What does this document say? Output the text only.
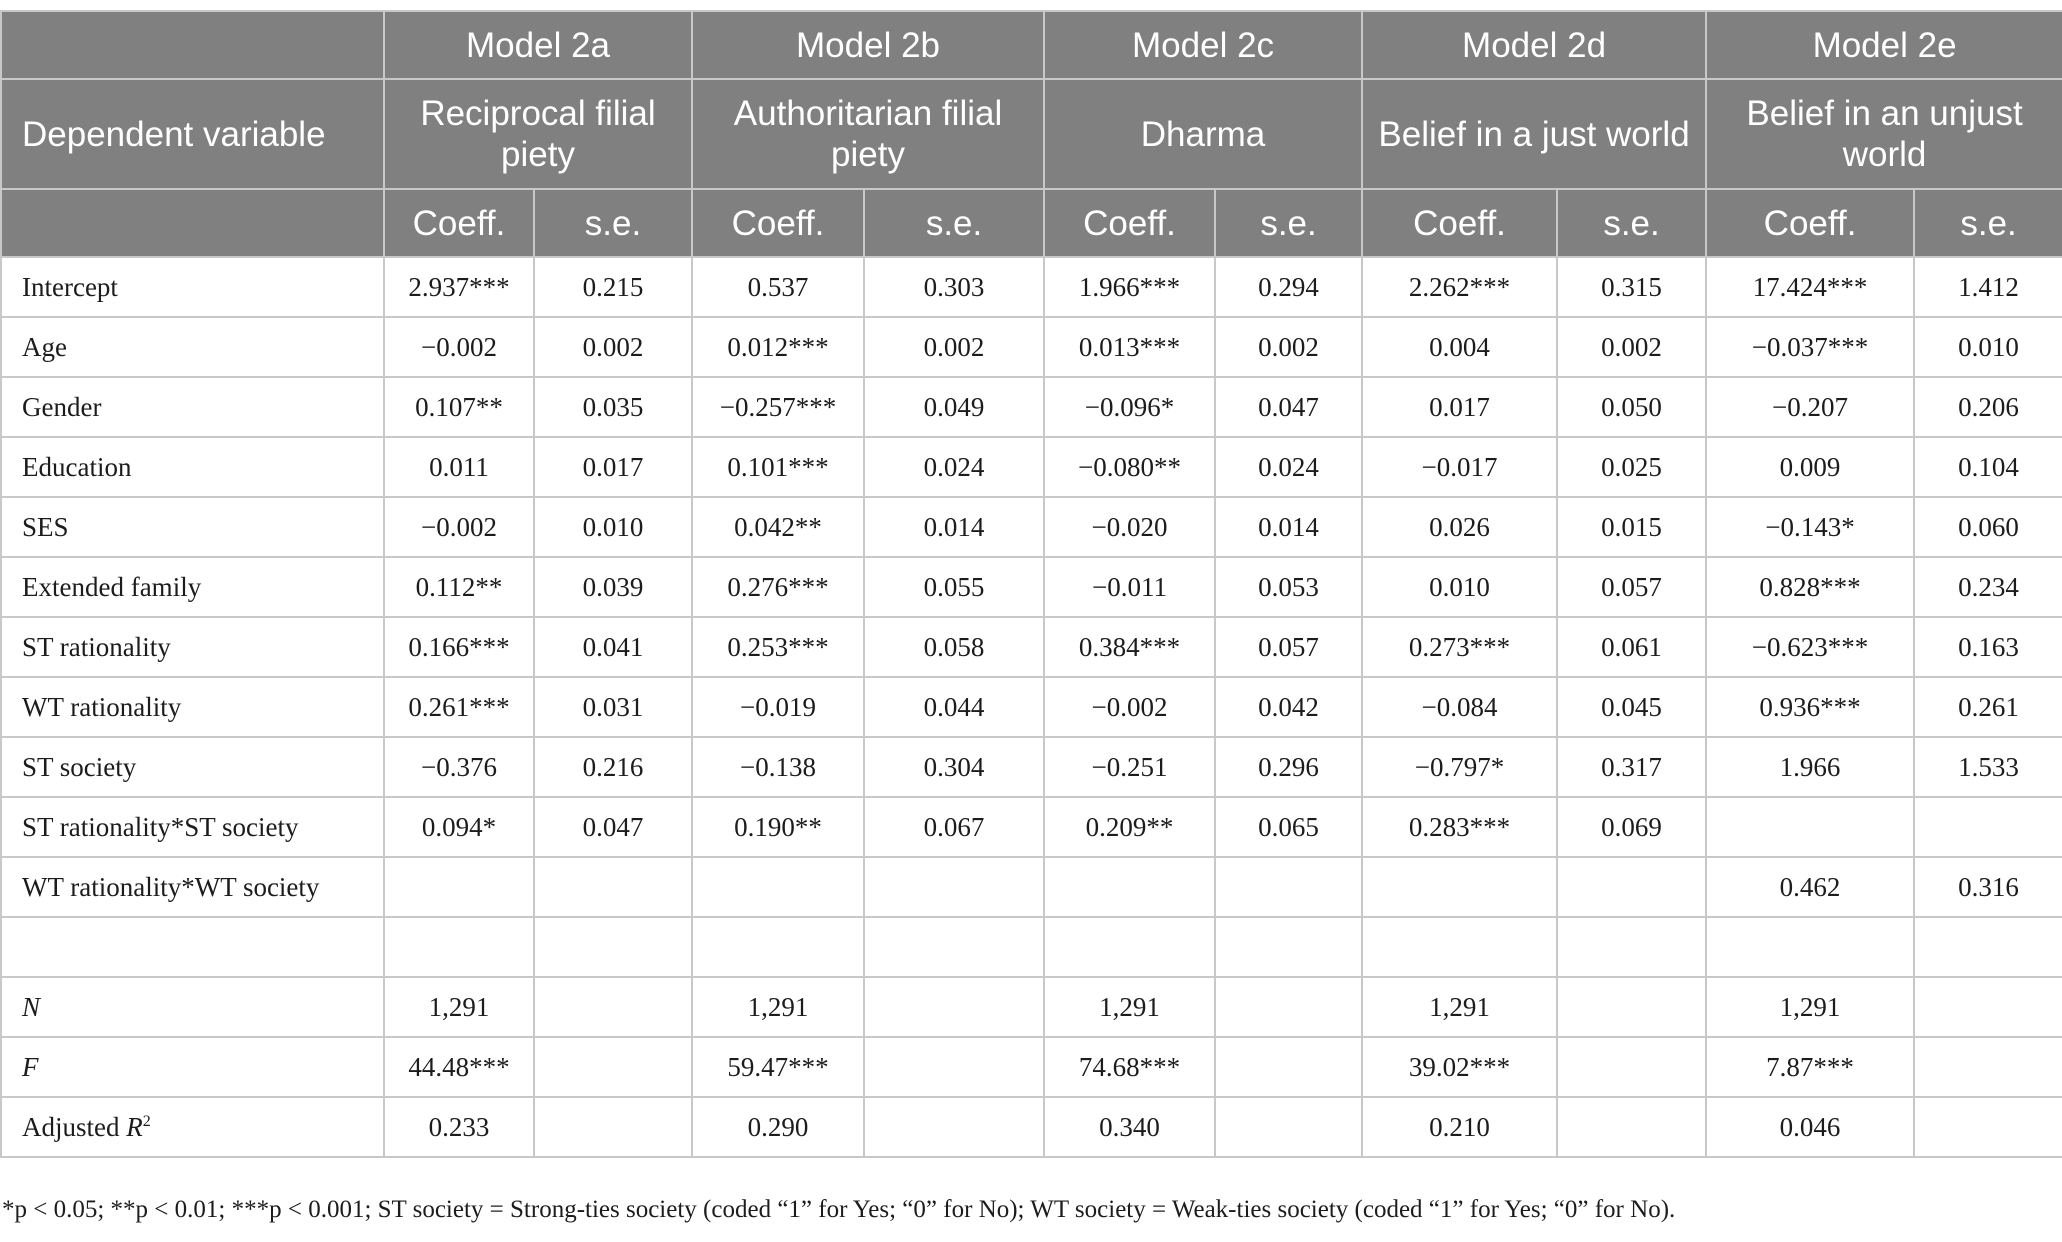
	Model 2a		Model 2b		Model 2c		Model 2d		Model 2e	
Dependent variable	Reciprocal filial piety		Authoritarian filial piety		Dharma		Belief in a just world		Belief in an unjust world	
	Coeff.	s.e.	Coeff.	s.e.	Coeff.	s.e.	Coeff.	s.e.	Coeff.	s.e.
Intercept	2.937***	0.215	0.537	0.303	1.966***	0.294	2.262***	0.315	17.424***	1.412
Age	−0.002	0.002	0.012***	0.002	0.013***	0.002	0.004	0.002	−0.037***	0.010
Gender	0.107**	0.035	−0.257***	0.049	−0.096*	0.047	0.017	0.050	−0.207	0.206
Education	0.011	0.017	0.101***	0.024	−0.080**	0.024	−0.017	0.025	0.009	0.104
SES	−0.002	0.010	0.042**	0.014	−0.020	0.014	0.026	0.015	−0.143*	0.060
Extended family	0.112**	0.039	0.276***	0.055	−0.011	0.053	0.010	0.057	0.828***	0.234
ST rationality	0.166***	0.041	0.253***	0.058	0.384***	0.057	0.273***	0.061	−0.623***	0.163
WT rationality	0.261***	0.031	−0.019	0.044	−0.002	0.042	−0.084	0.045	0.936***	0.261
ST society	−0.376	0.216	−0.138	0.304	−0.251	0.296	−0.797*	0.317	1.966	1.533
ST rationality*ST society	0.094*	0.047	0.190**	0.067	0.209**	0.065	0.283***	0.069		
WT rationality*WT society									0.462	0.316

N	1,291		1,291		1,291		1,291		1,291	
F	44.48***		59.47***		74.68***		39.02***		7.87***	
Adjusted $R^2$	0.233		0.290		0.340		0.210		0.046	
*p < 0.05; **p < 0.01; ***p < 0.001; ST society = Strong-ties society (coded “1” for Yes; “0” for No); WT society = Weak-ties society (coded “1” for Yes; “0” for No).
